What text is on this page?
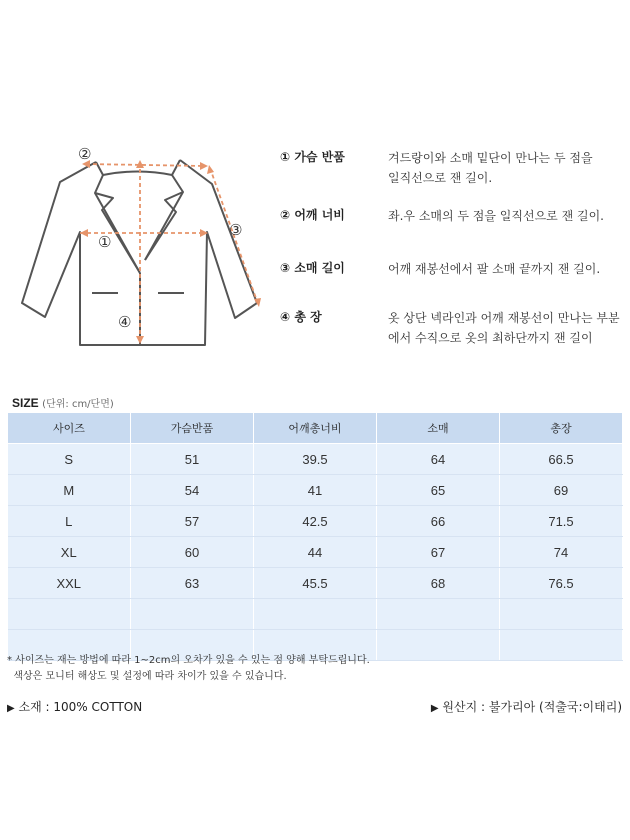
②
①
③
④
① 가슴 반품	겨드랑이와 소매 밑단이 만나는 두 점을
일직선으로 잰 길이.
② 어깨 너비	좌.우 소매의 두 점을 일직선으로 잰 길이.
③ 소매 길이	어깨 재봉선에서 팔 소매 끝까지 잰 길이.
④ 총 장	옷 상단 넥라인과 어깨 재봉선이 만나는 부분
에서 수직으로 옷의 최하단까지 잰 길이
SIZE (단위: cm/단면)
사이즈	가슴반품	어깨총너비	소매	총장
S	51	39.5	64	66.5
M	54	41	65	69
L	57	42.5	66	71.5
XL	60	44	67	74
XXL	63	45.5	68	76.5

* 사이즈는 재는 방법에 따라 1~2cm의 오차가 있을 수 있는 점 양해 부탁드립니다.
색상은 모니터 해상도 및 설정에 따라 차이가 있을 수 있습니다.
▶ 소재 : 100% COTTON	▶ 원산지 : 불가리아 (적출국:이태리)
